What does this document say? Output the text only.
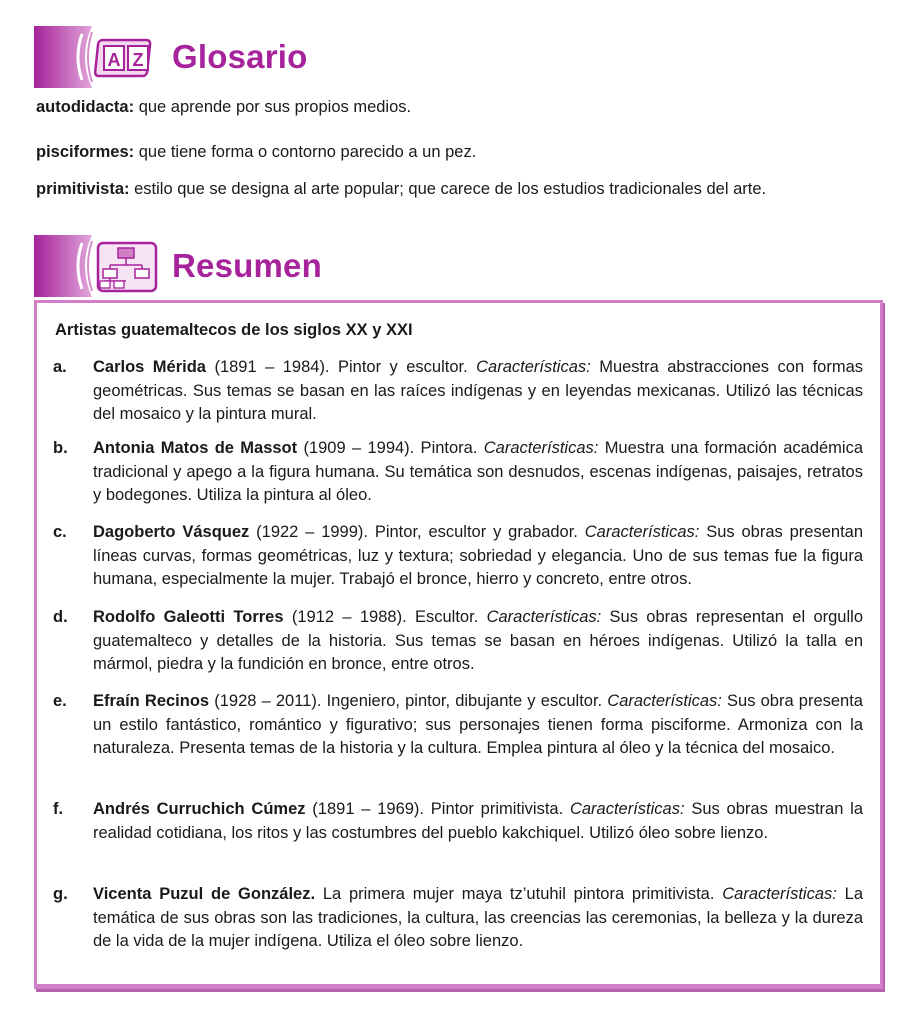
A Z Glosario
autodidacta: que aprende por sus propios medios.
pisciformes: que tiene forma o contorno parecido a un pez.
primitivista: estilo que se designa al arte popular; que carece de los estudios tradicionales del arte.
Resumen
Artistas guatemaltecos de los siglos XX y XXI
a. Carlos Mérida (1891 – 1984). Pintor y escultor. Características: Muestra abstracciones con formas geométricas. Sus temas se basan en las raíces indígenas y en leyendas mexicanas. Utilizó las técnicas del mosaico y la pintura mural.
b. Antonia Matos de Massot (1909 – 1994). Pintora. Características: Muestra una formación académica tradicional y apego a la figura humana. Su temática son desnudos, escenas indígenas, paisajes, retratos y bodegones. Utiliza la pintura al óleo.
c. Dagoberto Vásquez (1922 – 1999). Pintor, escultor y grabador. Características: Sus obras presentan líneas curvas, formas geométricas, luz y textura; sobriedad y elegancia. Uno de sus temas fue la figura humana, especialmente la mujer. Trabajó el bronce, hierro y concreto, entre otros.
d. Rodolfo Galeotti Torres (1912 – 1988). Escultor. Características: Sus obras representan el orgullo guatemalteco y detalles de la historia. Sus temas se basan en héroes indígenas. Utilizó la talla en mármol, piedra y la fundición en bronce, entre otros.
e. Efraín Recinos (1928 – 2011). Ingeniero, pintor, dibujante y escultor. Características: Sus obra presenta un estilo fantástico, romántico y figurativo; sus personajes tienen forma pisciforme. Armoniza con la naturaleza. Presenta temas de la historia y la cultura. Emplea pintura al óleo y la técnica del mosaico.
f. Andrés Curruchich Cúmez (1891 – 1969). Pintor primitivista. Características: Sus obras muestran la realidad cotidiana, los ritos y las costumbres del pueblo kakchiquel. Utilizó óleo sobre lienzo.
g. Vicenta Puzul de González. La primera mujer maya tz’utuhil pintora primitivista. Características: La temática de sus obras son las tradiciones, la cultura, las creencias las ceremonias, la belleza y la dureza de la vida de la mujer indígena. Utiliza el óleo sobre lienzo.
